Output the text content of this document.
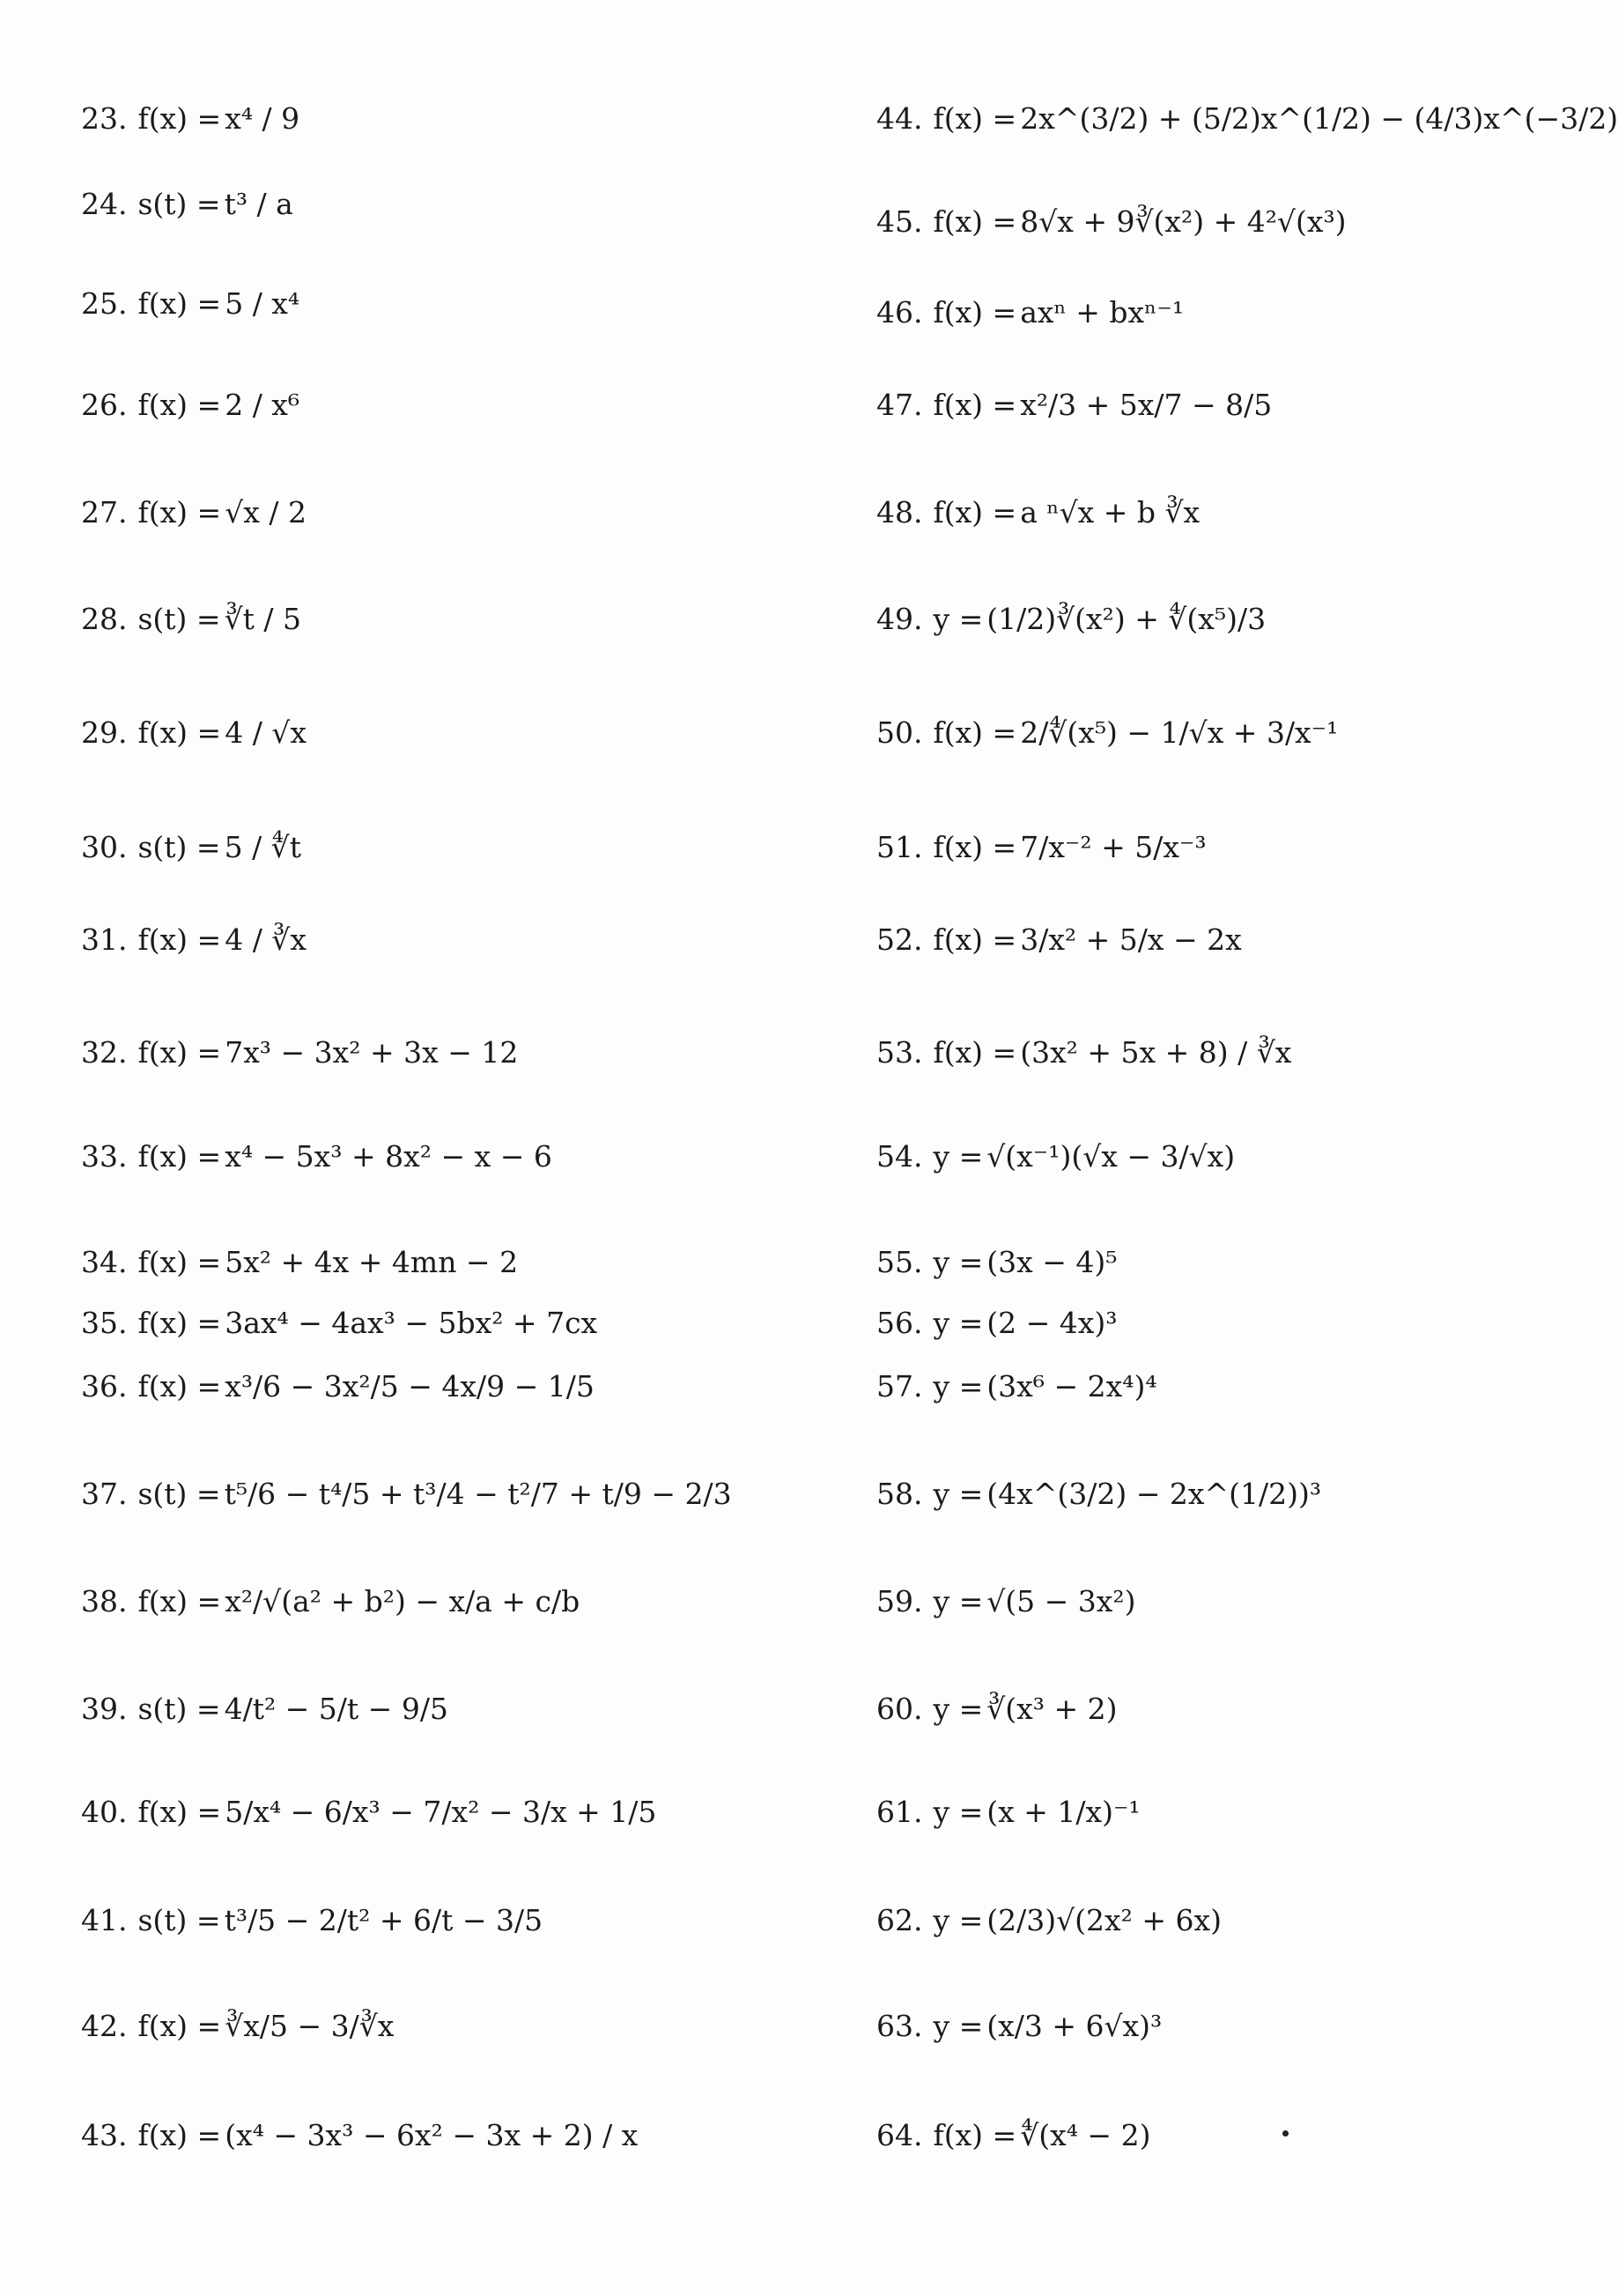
23. f(x) = x⁴ / 9
24. s(t) = t³ / a
25. f(x) = 5 / x⁴
26. f(x) = 2 / x⁶
27. f(x) = √x / 2
28. s(t) = ∛t / 5
29. f(x) = 4 / √x
30. s(t) = 5 / ∜t
31. f(x) = 4 / ∛x
32. f(x) = 7x³ − 3x² + 3x − 12
33. f(x) = x⁴ − 5x³ + 8x² − x − 6
34. f(x) = 5x² + 4x + 4mn − 2
35. f(x) = 3ax⁴ − 4ax³ − 5bx² + 7cx
36. f(x) = x³/6 − 3x²/5 − 4x/9 − 1/5
37. s(t) = t⁵/6 − t⁴/5 + t³/4 − t²/7 + t/9 − 2/3
38. f(x) = x²/√(a² + b²) − x/a + c/b
39. s(t) = 4/t² − 5/t − 9/5
40. f(x) = 5/x⁴ − 6/x³ − 7/x² − 3/x + 1/5
41. s(t) = t³/5 − 2/t² + 6/t − 3/5
42. f(x) = ∛x/5 − 3/∛x
43. f(x) = (x⁴ − 3x³ − 6x² − 3x + 2) / x
44. f(x) = 2x^(3/2) + (5/2)x^(1/2) − (4/3)x^(−3/2)
45. f(x) = 8√x + 9∛(x²) + 4²√(x³)
46. f(x) = axⁿ + bxⁿ⁻¹
47. f(x) = x²/3 + 5x/7 − 8/5
48. f(x) = a ⁿ√x + b ∛x
49. y = (1/2)∛(x²) + ∜(x⁵)/3
50. f(x) = 2/∜(x⁵) − 1/√x + 3/x⁻¹
51. f(x) = 7/x⁻² + 5/x⁻³
52. f(x) = 3/x² + 5/x − 2x
53. f(x) = (3x² + 5x + 8) / ∛x
54. y = √(x⁻¹)(√x − 3/√x)
55. y = (3x − 4)⁵
56. y = (2 − 4x)³
57. y = (3x⁶ − 2x⁴)⁴
58. y = (4x^(3/2) − 2x^(1/2))³
59. y = √(5 − 3x²)
60. y = ∛(x³ + 2)
61. y = (x + 1/x)⁻¹
62. y = (2/3)√(2x² + 6x)
63. y = (x/3 + 6√x)³
64. f(x) = ∜(x⁴ − 2)
